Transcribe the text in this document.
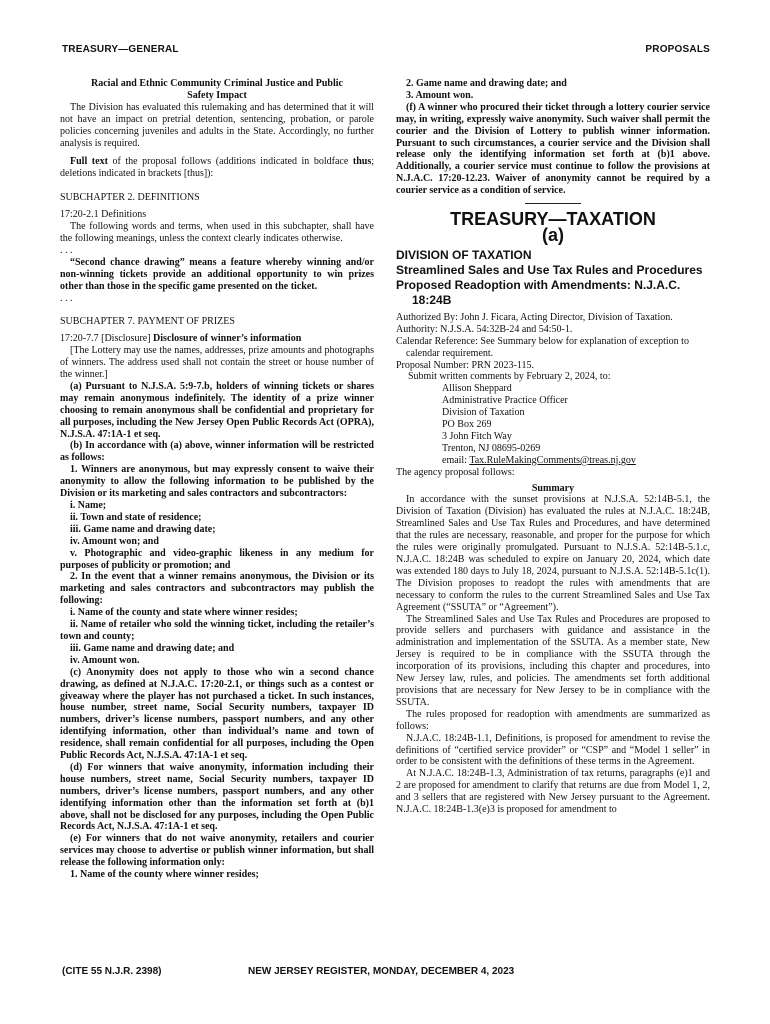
TREASURY—GENERAL	PROPOSALS

Racial and Ethnic Community Criminal Justice and Public Safety Impact

The Division has evaluated this rulemaking and has determined that it will not have an impact on pretrial detention, sentencing, probation, or parole policies concerning juveniles and adults in the State. Accordingly, no further analysis is required.

Full text of the proposal follows (additions indicated in boldface thus; deletions indicated in brackets [thus]):

SUBCHAPTER 2. DEFINITIONS

17:20-2.1 Definitions

The following words and terms, when used in this subchapter, shall have the following meanings, unless the context clearly indicates otherwise.

. . .

“Second chance drawing” means a feature whereby winning and/or non-winning tickets provide an additional opportunity to win prizes other than those in the specific game presented on the ticket.

. . .

SUBCHAPTER 7. PAYMENT OF PRIZES

17:20-7.7 [Disclosure] Disclosure of winner’s information

[The Lottery may use the names, addresses, prize amounts and photographs of winners. The address used shall not contain the street or house number of the winner.]

(a) Pursuant to N.J.S.A. 5:9-7.b, holders of winning tickets or shares may remain anonymous indefinitely. The identity of a prize winner choosing to remain anonymous shall be confidential and proprietary for all purposes, including the New Jersey Open Public Records Act (OPRA), N.J.S.A. 47:1A-1 et seq.

(b) In accordance with (a) above, winner information will be restricted as follows:

1. Winners are anonymous, but may expressly consent to waive their anonymity to allow the following information to be published by the Division or its marketing and sales contractors and subcontractors:

i. Name;

ii. Town and state of residence;

iii. Game name and drawing date;

iv. Amount won; and

v. Photographic and video-graphic likeness in any medium for purposes of publicity or promotion; and

2. In the event that a winner remains anonymous, the Division or its marketing and sales contractors and subcontractors may publish the following:

i. Name of the county and state where winner resides;

ii. Name of retailer who sold the winning ticket, including the retailer’s town and county;

iii. Game name and drawing date; and

iv. Amount won.

(c) Anonymity does not apply to those who win a second chance drawing, as defined at N.J.A.C. 17:20-2.1, or things such as a contest or giveaway where the player has not purchased a ticket. In such instances, house number, street name, Social Security numbers, taxpayer ID numbers, driver’s license numbers, passport numbers, and any other identifying information, other than individual’s name and town of residence, shall remain confidential for all purposes, including the Open Public Records Act, N.J.S.A. 47:1A-1 et seq.

(d) For winners that waive anonymity, information including their house numbers, street name, Social Security numbers, taxpayer ID numbers, driver’s license numbers, passport numbers, and any other identifying information other than the information set forth at (b)1 above, shall not be disclosed for any purposes, including the Open Public Records Act, N.J.S.A. 47:1A-1 et seq.

(e) For winners that do not waive anonymity, retailers and courier services may choose to advertise or publish winner information, but shall release the following information only:

1. Name of the county where winner resides;

2. Game name and drawing date; and

3. Amount won.

(f) A winner who procured their ticket through a lottery courier service may, in writing, expressly waive anonymity. Such waiver shall permit the courier and the Division of Lottery to publish winner information. Pursuant to such circumstances, a courier service and the Division shall release only the identifying information set forth at (b)1 above. Additionally, a courier service must continue to follow the provisions at N.J.A.C. 17:20-12.23. Waiver of anonymity cannot be required by a courier service as a condition of service.

TREASURY—TAXATION
(a)

DIVISION OF TAXATION

Streamlined Sales and Use Tax Rules and Procedures

Proposed Readoption with Amendments: N.J.A.C. 18:24B

Authorized By: John J. Ficara, Acting Director, Division of Taxation.

Authority: N.J.S.A. 54:32B-24 and 54:50-1.

Calendar Reference: See Summary below for explanation of exception to calendar requirement.

Proposal Number: PRN 2023-115.

Submit written comments by February 2, 2024, to:

Allison Sheppard

Administrative Practice Officer

Division of Taxation

PO Box 269

3 John Fitch Way

Trenton, NJ 08695-0269

email: Tax.RuleMakingComments@treas.nj.gov

The agency proposal follows:

Summary

In accordance with the sunset provisions at N.J.S.A. 52:14B-5.1, the Division of Taxation (Division) has evaluated the rules at N.J.A.C. 18:24B, Streamlined Sales and Use Tax Rules and Procedures, and have determined that the rules are necessary, reasonable, and proper for the purpose for which the rules were originally promulgated. Pursuant to N.J.S.A. 52:14B-5.1.c, N.J.A.C. 18:24B was scheduled to expire on January 20, 2024, which date was extended 180 days to July 18, 2024, pursuant to N.J.S.A. 52:14B-5.1c(1). The Division proposes to readopt the rules with amendments that are necessary to conform the rules to the current Streamlined Sales and Use Tax Agreement (“SSUTA” or “Agreement”).

The Streamlined Sales and Use Tax Rules and Procedures are proposed to provide sellers and purchasers with guidance and assistance in the administration and implementation of the SSUTA. As a member state, New Jersey is required to be in compliance with the SSUTA through the incorporation of its provisions, including this chapter and procedures, into New Jersey law, rules, and policies. The amendments set forth additional provisions that are necessary for New Jersey to be in compliance with the SSUTA.

The rules proposed for readoption with amendments are summarized as follows:

N.J.A.C. 18:24B-1.1, Definitions, is proposed for amendment to revise the definitions of “certified service provider” or “CSP” and “Model 1 seller” in order to be consistent with the definitions of these terms in the Agreement.

At N.J.A.C. 18:24B-1.3, Administration of tax returns, paragraphs (e)1 and 2 are proposed for amendment to clarify that returns are due from Model 1, 2, and 3 sellers that are registered with New Jersey pursuant to the Agreement. N.J.A.C. 18:24B-1.3(e)3 is proposed for amendment to

(CITE 55 N.J.R. 2398)	NEW JERSEY REGISTER, MONDAY, DECEMBER 4, 2023
